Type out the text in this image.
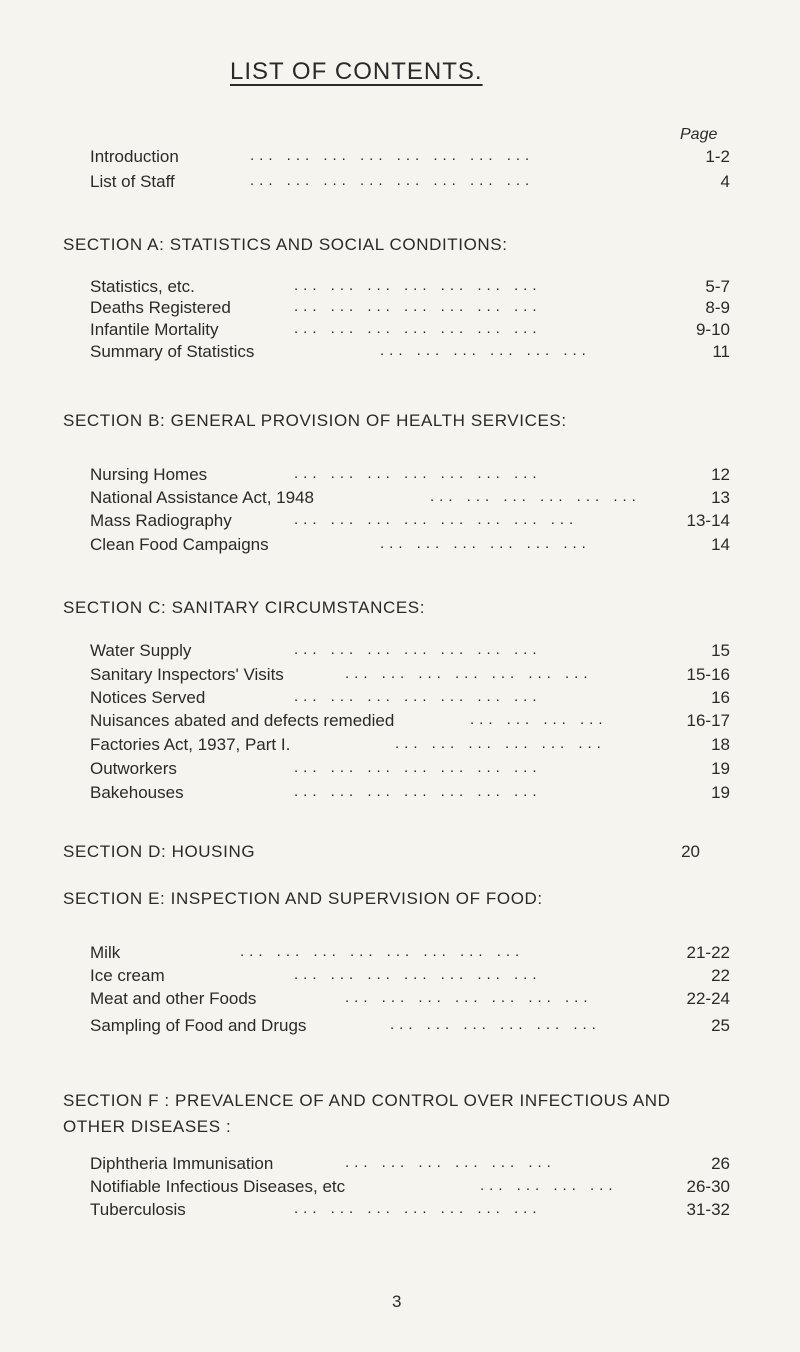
LIST OF CONTENTS.
Page
Introduction	... ... ... ... ... ... ... ...	1-2
List of Staff	... ... ... ... ... ... ... ...	4
SECTION A: STATISTICS AND SOCIAL CONDITIONS:
Statistics, etc.	... ... ... ... ... ... ...	5-7
Deaths Registered	... ... ... ... ... ... ...	8-9
Infantile Mortality	... ... ... ... ... ... ...	9-10
Summary of Statistics	... ... ... ... ... ...	11
SECTION B: GENERAL PROVISION OF HEALTH SERVICES:
Nursing Homes	... ... ... ... ... ... ...	12
National Assistance Act, 1948	... ... ... ... ... ...	13
Mass Radiography	... ... ... ... ... ... ... ...	13-14
Clean Food Campaigns	... ... ... ... ... ...	14
SECTION C: SANITARY CIRCUMSTANCES:
Water Supply	... ... ... ... ... ... ...	15
Sanitary Inspectors' Visits	... ... ... ... ... ... ...	15-16
Notices Served	... ... ... ... ... ... ...	16
Nuisances abated and defects remedied	... ... ... ...	16-17
Factories Act, 1937, Part I.	... ... ... ... ... ...	18
Outworkers	... ... ... ... ... ... ...	19
Bakehouses	... ... ... ... ... ... ...	19
SECTION D: HOUSING	20
SECTION E: INSPECTION AND SUPERVISION OF FOOD:
Milk	... ... ... ... ... ... ... ...	21-22
Ice cream	... ... ... ... ... ... ...	22
Meat and other Foods	... ... ... ... ... ... ...	22-24
Sampling of Food and Drugs	... ... ... ... ... ...	25
SECTION F : PREVALENCE OF AND CONTROL OVER INFECTIOUS AND OTHER DISEASES :
Diphtheria Immunisation	... ... ... ... ... ...	26
Notifiable Infectious Diseases, etc	... ... ... ...	26-30
Tuberculosis	... ... ... ... ... ... ...	31-32
3
